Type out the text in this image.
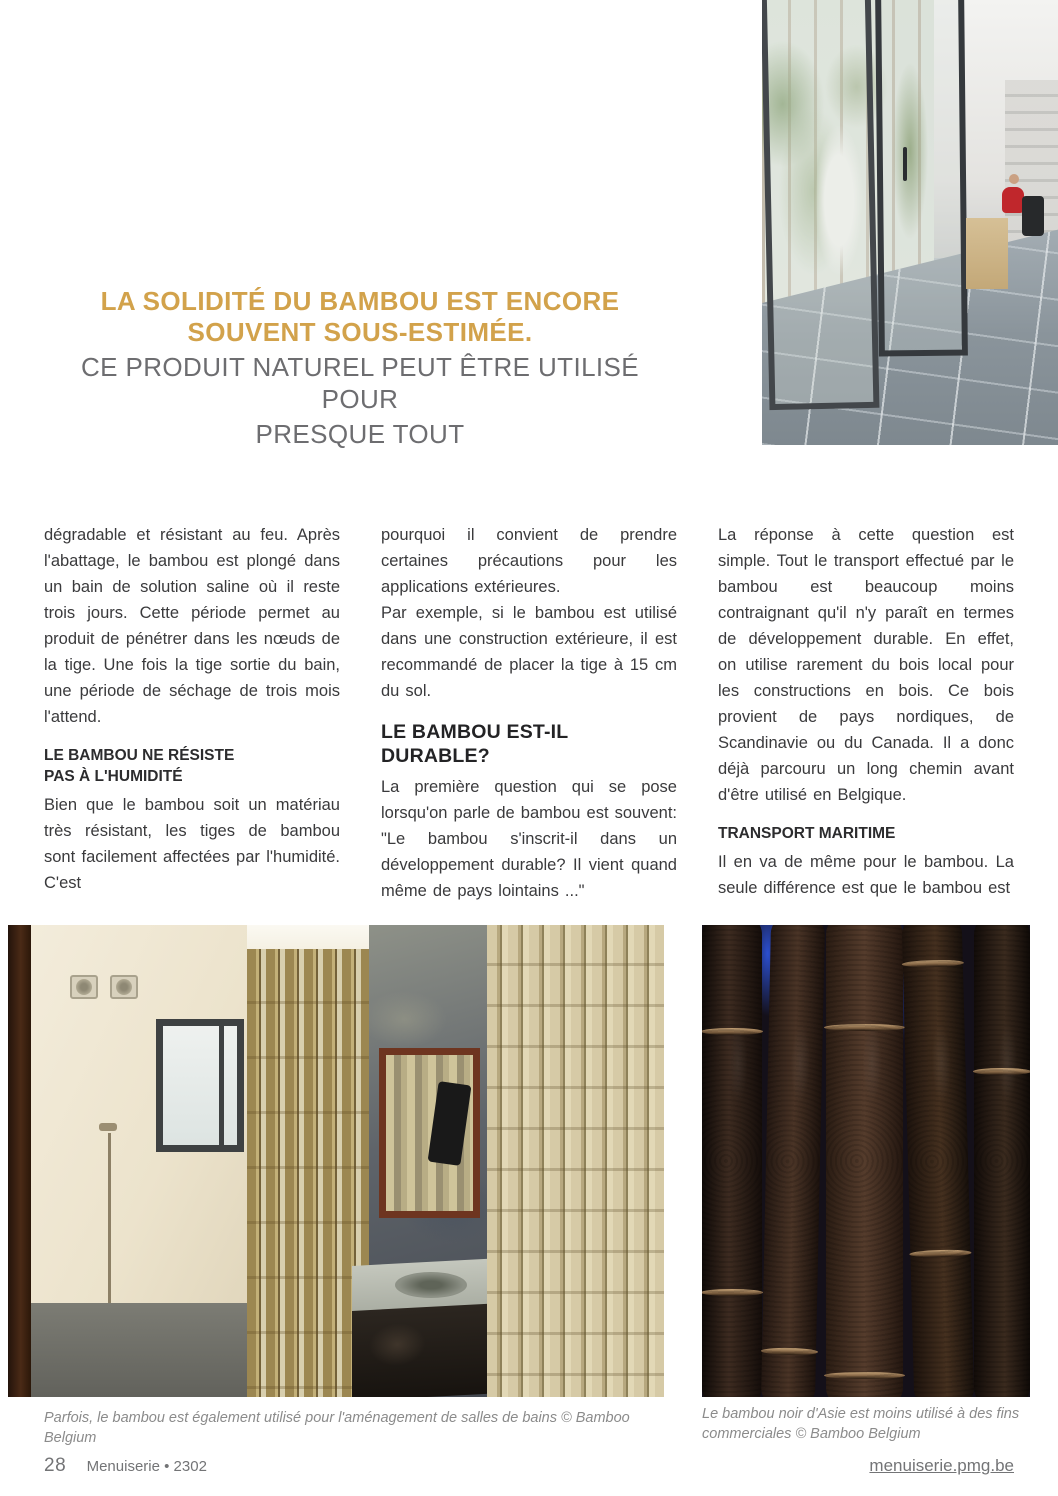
LA SOLIDITÉ DU BAMBOU EST ENCORE
SOUVENT SOUS-ESTIMÉE.
CE PRODUIT NATUREL PEUT ÊTRE UTILISÉ POUR
PRESQUE TOUT

dégradable et résistant au feu. Après l'abattage, le bambou est plongé dans un bain de solution saline où il reste trois jours. Cette période permet au produit de pénétrer dans les nœuds de la tige. Une fois la tige sortie du bain, une période de séchage de trois mois l'attend.

LE BAMBOU NE RÉSISTE
PAS À L'HUMIDITÉ

Bien que le bambou soit un matériau très résistant, les tiges de bambou sont facilement affectées par l'humidité. C'est

pourquoi il convient de prendre certaines précautions pour les applications extérieures.

Par exemple, si le bambou est utilisé dans une construction extérieure, il est recommandé de placer la tige à 15 cm du sol.

LE BAMBOU EST-IL DURABLE?

La première question qui se pose lorsqu'on parle de bambou est souvent: "Le bambou s'inscrit-il dans un développement durable? Il vient quand même de pays lointains ..."

La réponse à cette question est simple. Tout le transport effectué par le bambou est beaucoup moins contraignant qu'il n'y paraît en termes de développement durable. En effet, on utilise rarement du bois local pour les constructions en bois. Ce bois provient de pays nordiques, de Scandinavie ou du Canada. Il a donc déjà parcouru un long chemin avant d'être utilisé en Belgique.

TRANSPORT MARITIME

Il en va de même pour le bambou. La seule différence est que le bambou est

Parfois, le bambou est également utilisé pour l'aménagement de salles de bains © Bamboo Belgium
Le bambou noir d'Asie est moins utilisé à des fins commerciales © Bamboo Belgium
28 Menuiserie • 2302	menuiserie.pmg.be
